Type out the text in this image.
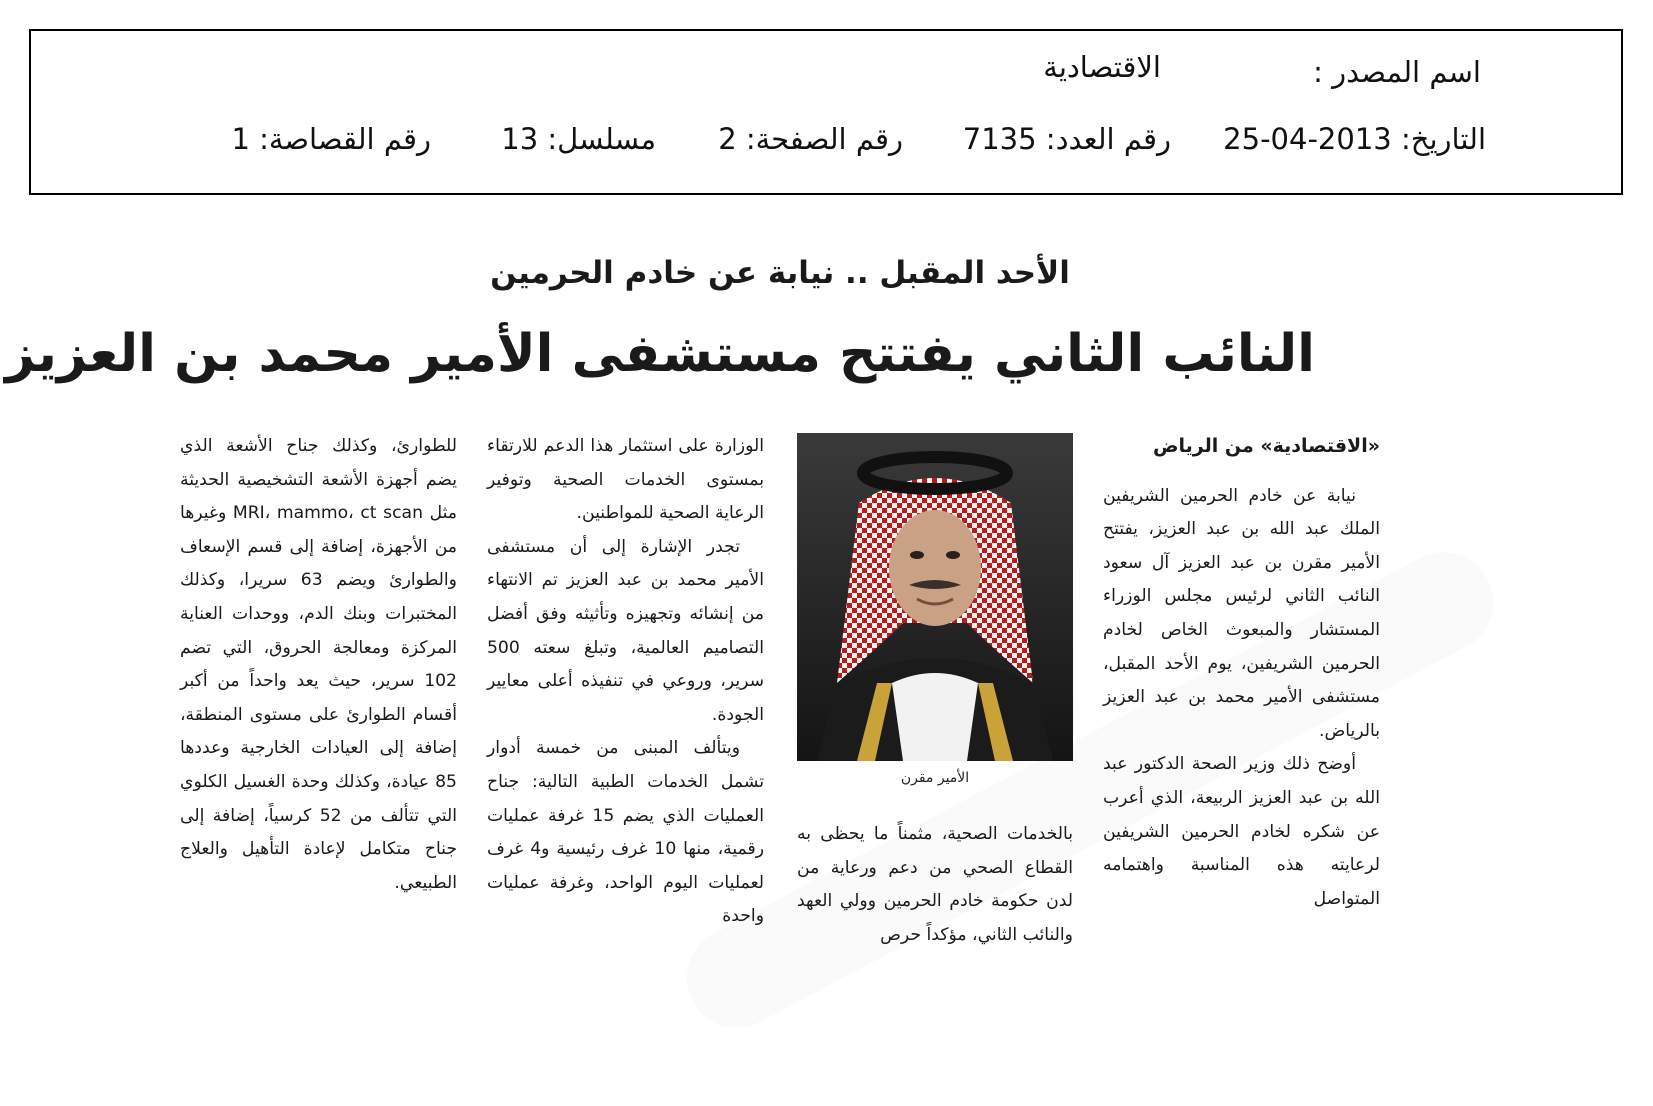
اسم المصدر :
الاقتصادية
التاريخ: 2013-04-25
رقم العدد: 7135
رقم الصفحة: 2
مسلسل: 13
رقم القصاصة: 1
الأحد المقبل .. نيابة عن خادم الحرمين
النائب الثاني يفتتح مستشفى الأمير محمد بن العزيز

«الاقتصادية» من الرياض

نيابة عن خادم الحرمين الشريفين الملك عبد الله بن عبد العزيز، يفتتح الأمير مقرن بن عبد العزيز آل سعود النائب الثاني لرئيس مجلس الوزراء المستشار والمبعوث الخاص لخادم الحرمين الشريفين، يوم الأحد المقبل، مستشفى الأمير محمد بن عبد العزيز بالرياض.

أوضح ذلك وزير الصحة الدكتور عبد الله بن عبد العزيز الربيعة، الذي أعرب عن شكره لخادم الحرمين الشريفين لرعايته هذه المناسبة واهتمامه المتواصل

الأمير مقرن

بالخدمات الصحية، مثمناً ما يحظى به القطاع الصحي من دعم ورعاية من لدن حكومة خادم الحرمين وولي العهد والنائب الثاني، مؤكداً حرص

الوزارة على استثمار هذا الدعم للارتقاء بمستوى الخدمات الصحية وتوفير الرعاية الصحية للمواطنين.

تجدر الإشارة إلى أن مستشفى الأمير محمد بن عبد العزيز تم الانتهاء من إنشائه وتجهيزه وتأثيثه وفق أفضل التصاميم العالمية، وتبلغ سعته 500 سرير، وروعي في تنفيذه أعلى معايير الجودة.

ويتألف المبنى من خمسة أدوار تشمل الخدمات الطبية التالية: جناح العمليات الذي يضم 15 غرفة عمليات رقمية، منها 10 غرف رئيسية و4 غرف لعمليات اليوم الواحد، وغرفة عمليات واحدة

للطوارئ، وكذلك جناح الأشعة الذي يضم أجهزة الأشعة التشخيصية الحديثة مثل MRI، mammo، ct scan وغيرها من الأجهزة، إضافة إلى قسم الإسعاف والطوارئ ويضم 63 سريرا، وكذلك المختبرات وبنك الدم، ووحدات العناية المركزة ومعالجة الحروق، التي تضم 102 سرير، حيث يعد واحداً من أكبر أقسام الطوارئ على مستوى المنطقة، إضافة إلى العيادات الخارجية وعددها 85 عيادة، وكذلك وحدة الغسيل الكلوي التي تتألف من 52 كرسياً، إضافة إلى جناح متكامل لإعادة التأهيل والعلاج الطبيعي.
